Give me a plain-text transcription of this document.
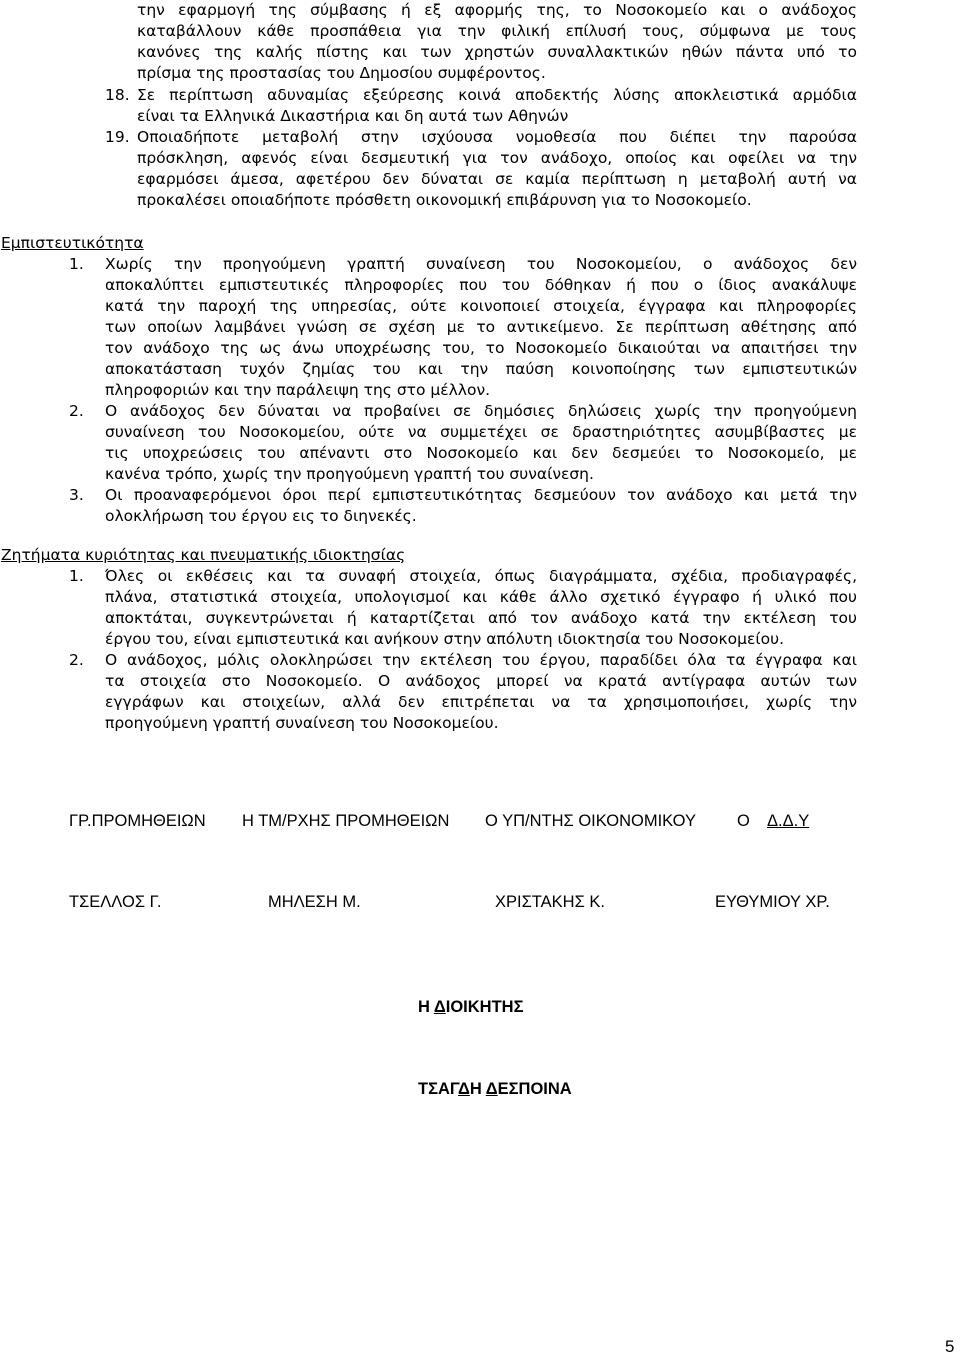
την εφαρμογή της σύμβασης ή εξ αφορμής της, το Νοσοκομείο και ο ανάδοχος
καταβάλλουν κάθε προσπάθεια για την φιλική επίλυσή τους, σύμφωνα με τους
κανόνες της καλής πίστης και των χρηστών συναλλακτικών ηθών πάντα υπό το
πρίσμα της προστασίας του Δημοσίου συμφέροντος.
18. Σε περίπτωση αδυναμίας εξεύρεσης κοινά αποδεκτής λύσης αποκλειστικά αρμόδια
είναι τα Ελληνικά Δικαστήρια και δη αυτά των Αθηνών
19. Οποιαδήποτε μεταβολή στην ισχύουσα νομοθεσία που διέπει την παρούσα
πρόσκληση, αφενός είναι δεσμευτική για τον ανάδοχο, οποίος και οφείλει να την
εφαρμόσει άμεσα, αφετέρου δεν δύναται σε καμία περίπτωση η μεταβολή αυτή να
προκαλέσει οποιαδήποτε πρόσθετη οικονομική επιβάρυνση για το Νοσοκομείο.
Εμπιστευτικότητα
1. Χωρίς την προηγούμενη γραπτή συναίνεση του Νοσοκομείου, ο ανάδοχος δεν
αποκαλύπτει εμπιστευτικές πληροφορίες που του δόθηκαν ή που ο ίδιος ανακάλυψε
κατά την παροχή της υπηρεσίας, ούτε κοινοποιεί στοιχεία, έγγραφα και πληροφορίες
των οποίων λαμβάνει γνώση σε σχέση με το αντικείμενο. Σε περίπτωση αθέτησης από
τον ανάδοχο της ως άνω υποχρέωσης του, το Νοσοκομείο δικαιούται να απαιτήσει την
αποκατάσταση τυχόν ζημίας του και την παύση κοινοποίησης των εμπιστευτικών
πληροφοριών και την παράλειψη της στο μέλλον.
2. Ο ανάδοχος δεν δύναται να προβαίνει σε δημόσιες δηλώσεις χωρίς την προηγούμενη
συναίνεση του Νοσοκομείου, ούτε να συμμετέχει σε δραστηριότητες ασυμβίβαστες με
τις υποχρεώσεις του απέναντι στο Νοσοκομείο και δεν δεσμεύει το Νοσοκομείο, με
κανένα τρόπο, χωρίς την προηγούμενη γραπτή του συναίνεση.
3. Οι προαναφερόμενοι όροι περί εμπιστευτικότητας δεσμεύουν τον ανάδοχο και μετά την
ολοκλήρωση του έργου εις το διηνεκές.
Ζητήματα κυριότητας και πνευματικής ιδιοκτησίας
1. Όλες οι εκθέσεις και τα συναφή στοιχεία, όπως διαγράμματα, σχέδια, προδιαγραφές,
πλάνα, στατιστικά στοιχεία, υπολογισμοί και κάθε άλλο σχετικό έγγραφο ή υλικό που
αποκτάται, συγκεντρώνεται ή καταρτίζεται από τον ανάδοχο κατά την εκτέλεση του
έργου του, είναι εμπιστευτικά και ανήκουν στην απόλυτη ιδιοκτησία του Νοσοκομείου.
2. Ο ανάδοχος, μόλις ολοκληρώσει την εκτέλεση του έργου, παραδίδει όλα τα έγγραφα και
τα στοιχεία στο Νοσοκομείο. Ο ανάδοχος μπορεί να κρατά αντίγραφα αυτών των
εγγράφων και στοιχείων, αλλά δεν επιτρέπεται να τα χρησιμοποιήσει, χωρίς την
προηγούμενη γραπτή συναίνεση του Νοσοκομείου.
ΓΡ.ΠΡΟΜΗΘΕΙΩΝ Η ΤΜ/ΡΧΗΣ ΠΡΟΜΗΘΕΙΩΝ Ο ΥΠ/ΝΤΗΣ ΟΙΚΟΝΟΜΙΚΟΥ Ο Δ.Δ.Υ
ΤΣΕΛΛΟΣ Γ.	ΜΗΛΕΣΗ Μ.	ΧΡΙΣΤΑΚΗΣ Κ.	ΕΥΘΥΜΙΟΥ ΧΡ.
Η ΔΙΟΙΚΗΤΗΣ
ΤΣΑΓΔΗ ΔΕΣΠΟΙΝΑ
5
